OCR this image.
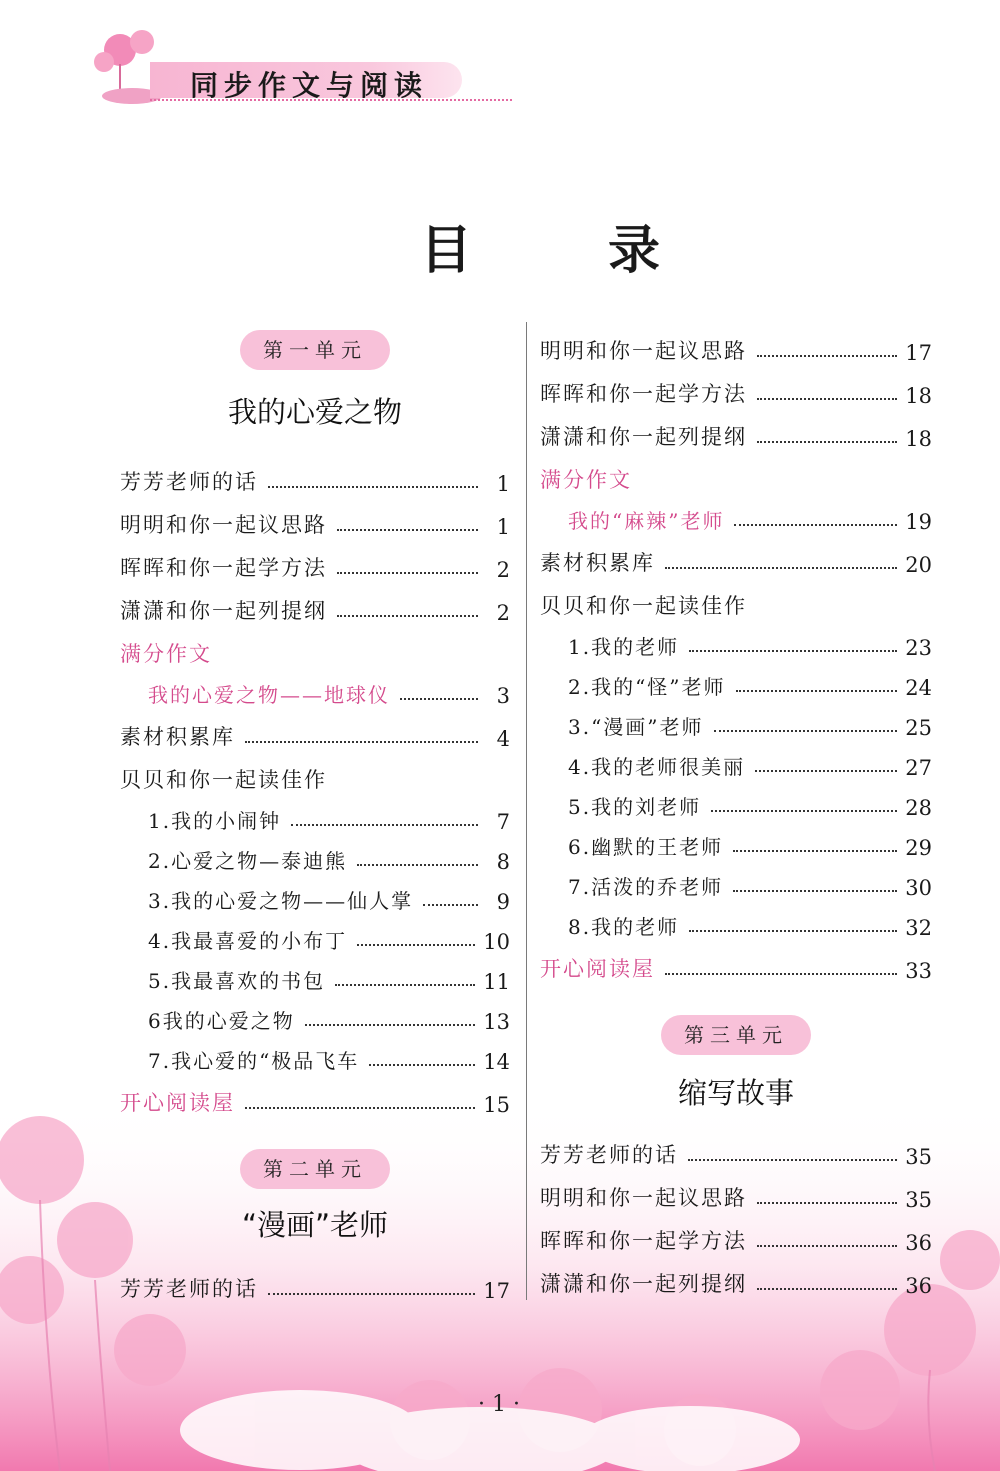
同步作文与阅读
目	录
第一单元
我的心爱之物
芳芳老师的话	1
明明和你一起议思路	1
晖晖和你一起学方法	2
潇潇和你一起列提纲	2
满分作文
我的心爱之物——地球仪	3
素材积累库	4
贝贝和你一起读佳作
1.我的小闹钟	7
2.心爱之物—泰迪熊	8
3.我的心爱之物——仙人掌	9
4.我最喜爱的小布丁	10
5.我最喜欢的书包	11
6我的心爱之物	13
7.我心爱的“极品飞车	14
开心阅读屋	15
第二单元
“漫画”老师
芳芳老师的话	17
明明和你一起议思路	17
晖晖和你一起学方法	18
潇潇和你一起列提纲	18
满分作文
我的“麻辣”老师	19
素材积累库	20
贝贝和你一起读佳作
1.我的老师	23
2.我的“怪”老师	24
3.“漫画”老师	25
4.我的老师很美丽	27
5.我的刘老师	28
6.幽默的王老师	29
7.活泼的乔老师	30
8.我的老师	32
开心阅读屋	33
第三单元
缩写故事
芳芳老师的话	35
明明和你一起议思路	35
晖晖和你一起学方法	36
潇潇和你一起列提纲	36
· 1 ·
